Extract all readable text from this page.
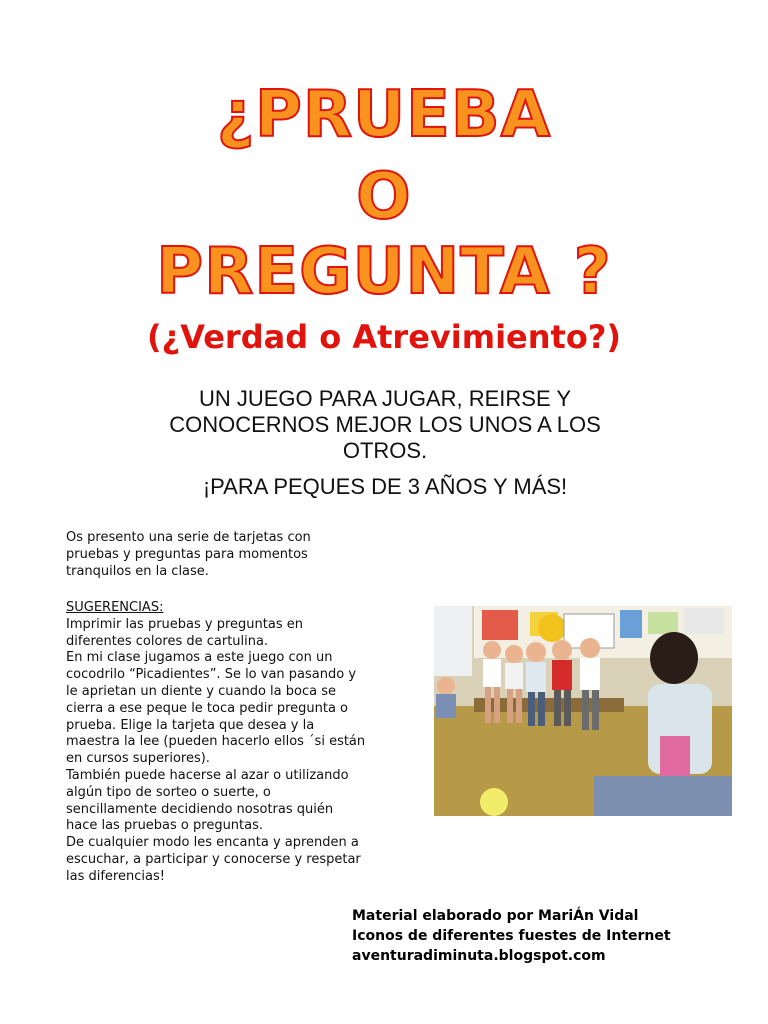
¿PRUEBA
O
PREGUNTA ?
(¿Verdad o Atrevimiento?)

UN JUEGO PARA JUGAR, REIRSE Y

CONOCERNOS MEJOR LOS UNOS A LOS

OTROS.

¡PARA PEQUES DE 3 AÑOS Y MÁS!

Os presento una serie de tarjetas con

pruebas y preguntas para momentos

tranquilos en la clase.

SUGERENCIAS:

Imprimir las pruebas y preguntas en

diferentes colores de cartulina.

En mi clase jugamos a este juego con un

cocodrilo “Picadientes”. Se lo van pasando y

le aprietan un diente y cuando la boca se

cierra a ese peque le toca pedir pregunta o

prueba. Elige la tarjeta que desea y la

maestra la lee (pueden hacerlo ellos ´si están

en cursos superiores).

También puede hacerse al azar o utilizando

algún tipo de sorteo o suerte, o

sencillamente decidiendo nosotras quién

hace las pruebas o preguntas.

De cualquier modo les encanta y aprenden a

escuchar, a participar y conocerse y respetar

las diferencias!

Material elaborado por MariÁn Vidal

Iconos de diferentes fuestes de Internet

aventuradiminuta.blogspot.com
